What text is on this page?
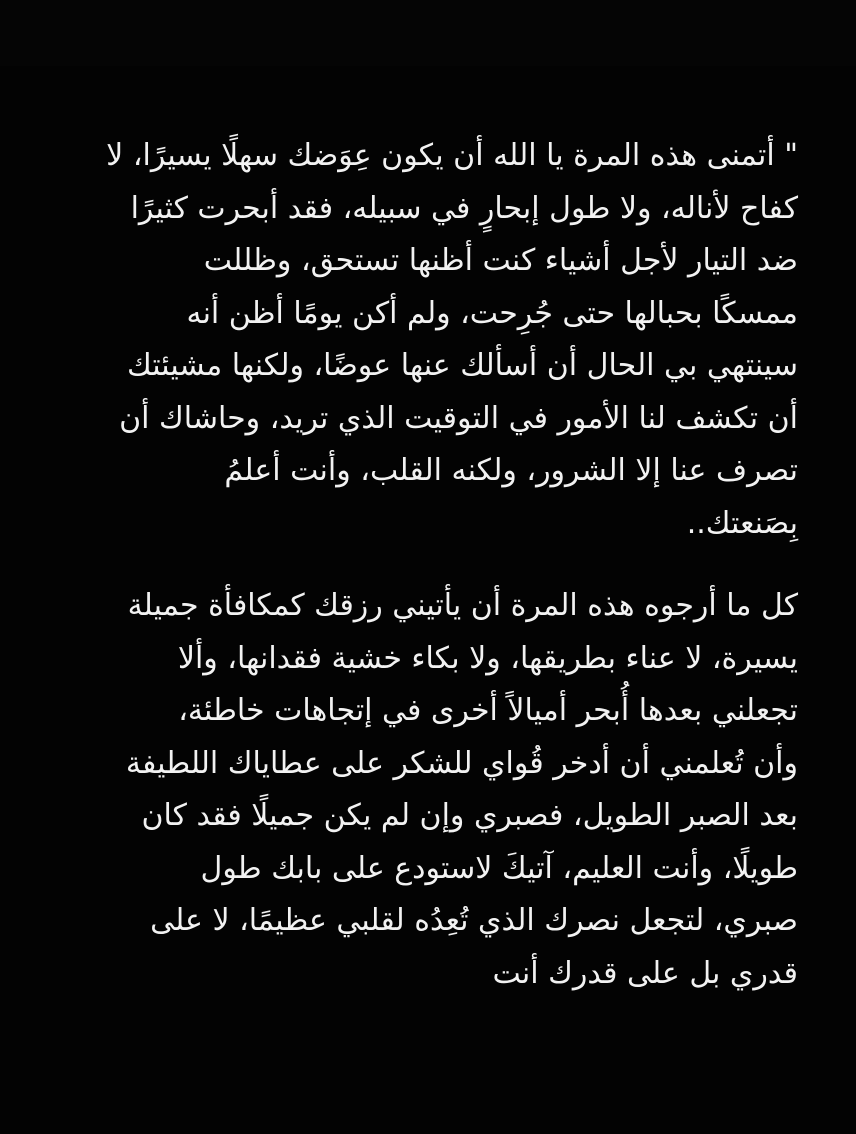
" أتمنى هذه المرة يا الله أن يكون عِوَضك سهلًا يسيرًا، لا
كفاح لأناله، ولا طول إبحارٍ في سبيله، فقد أبحرت كثيرًا
ضد التيار لأجل أشياء كنت أظنها تستحق، وظللت
ممسكًا بحبالها حتى جُرِحت، ولم أكن يومًا أظن أنه
سينتهي بي الحال أن أسألك عنها عوضًا، ولكنها مشيئتك
أن تكشف لنا الأمور في التوقيت الذي تريد، وحاشاك أن
تصرف عنا إلا الشرور، ولكنه القلب، وأنت أعلمُ
بِصَنعتك..
كل ما أرجوه هذه المرة أن يأتيني رزقك كمكافأة جميلة
يسيرة، لا عناء بطريقها، ولا بكاء خشية فقدانها، وألا
تجعلني بعدها أُبحر أميالاً أخرى في إتجاهات خاطئة،
وأن تُعلمني أن أدخر قُواي للشكر على عطاياك اللطيفة
بعد الصبر الطويل، فصبري وإن لم يكن جميلًا فقد كان
طويلًا، وأنت العليم، آتيكَ لاستودع على بابك طول
صبري، لتجعل نصرك الذي تُعِدُه لقلبي عظيمًا، لا على
قدري بل على قدرك أنت
